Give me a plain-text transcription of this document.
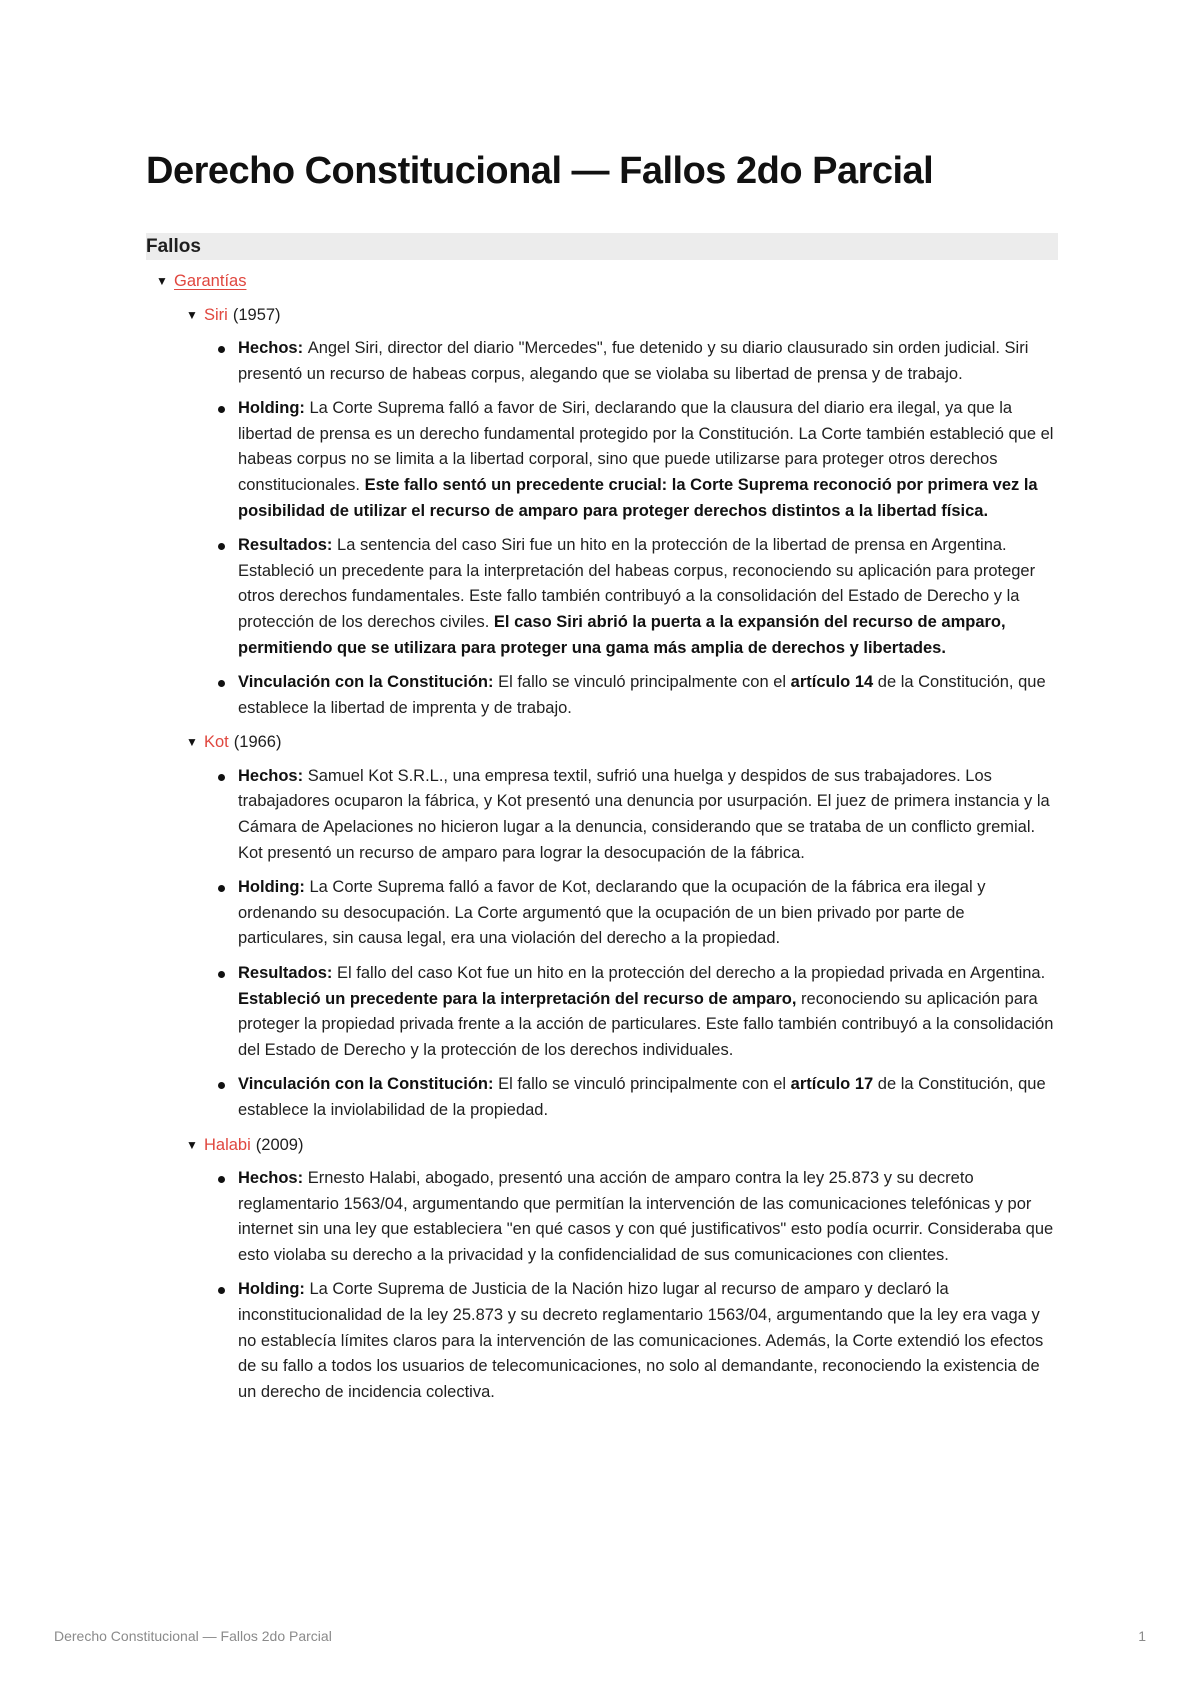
Derecho Constitucional — Fallos 2do Parcial
Fallos
▼ Garantías
▼ Siri (1957)
Hechos: Angel Siri, director del diario "Mercedes", fue detenido y su diario clausurado sin orden judicial. Siri presentó un recurso de habeas corpus, alegando que se violaba su libertad de prensa y de trabajo.
Holding: La Corte Suprema falló a favor de Siri, declarando que la clausura del diario era ilegal, ya que la libertad de prensa es un derecho fundamental protegido por la Constitución. La Corte también estableció que el habeas corpus no se limita a la libertad corporal, sino que puede utilizarse para proteger otros derechos constitucionales. Este fallo sentó un precedente crucial: la Corte Suprema reconoció por primera vez la posibilidad de utilizar el recurso de amparo para proteger derechos distintos a la libertad física.
Resultados: La sentencia del caso Siri fue un hito en la protección de la libertad de prensa en Argentina. Estableció un precedente para la interpretación del habeas corpus, reconociendo su aplicación para proteger otros derechos fundamentales. Este fallo también contribuyó a la consolidación del Estado de Derecho y la protección de los derechos civiles. El caso Siri abrió la puerta a la expansión del recurso de amparo, permitiendo que se utilizara para proteger una gama más amplia de derechos y libertades.
Vinculación con la Constitución: El fallo se vinculó principalmente con el artículo 14 de la Constitución, que establece la libertad de imprenta y de trabajo.
▼ Kot (1966)
Hechos: Samuel Kot S.R.L., una empresa textil, sufrió una huelga y despidos de sus trabajadores. Los trabajadores ocuparon la fábrica, y Kot presentó una denuncia por usurpación. El juez de primera instancia y la Cámara de Apelaciones no hicieron lugar a la denuncia, considerando que se trataba de un conflicto gremial. Kot presentó un recurso de amparo para lograr la desocupación de la fábrica.
Holding: La Corte Suprema falló a favor de Kot, declarando que la ocupación de la fábrica era ilegal y ordenando su desocupación. La Corte argumentó que la ocupación de un bien privado por parte de particulares, sin causa legal, era una violación del derecho a la propiedad.
Resultados: El fallo del caso Kot fue un hito en la protección del derecho a la propiedad privada en Argentina. Estableció un precedente para la interpretación del recurso de amparo, reconociendo su aplicación para proteger la propiedad privada frente a la acción de particulares. Este fallo también contribuyó a la consolidación del Estado de Derecho y la protección de los derechos individuales.
Vinculación con la Constitución: El fallo se vinculó principalmente con el artículo 17 de la Constitución, que establece la inviolabilidad de la propiedad.
▼ Halabi (2009)
Hechos: Ernesto Halabi, abogado, presentó una acción de amparo contra la ley 25.873 y su decreto reglamentario 1563/04, argumentando que permitían la intervención de las comunicaciones telefónicas y por internet sin una ley que estableciera "en qué casos y con qué justificativos" esto podía ocurrir. Consideraba que esto violaba su derecho a la privacidad y la confidencialidad de sus comunicaciones con clientes.
Holding: La Corte Suprema de Justicia de la Nación hizo lugar al recurso de amparo y declaró la inconstitucionalidad de la ley 25.873 y su decreto reglamentario 1563/04, argumentando que la ley era vaga y no establecía límites claros para la intervención de las comunicaciones. Además, la Corte extendió los efectos de su fallo a todos los usuarios de telecomunicaciones, no solo al demandante, reconociendo la existencia de un derecho de incidencia colectiva.
Derecho Constitucional — Fallos 2do Parcial	1
